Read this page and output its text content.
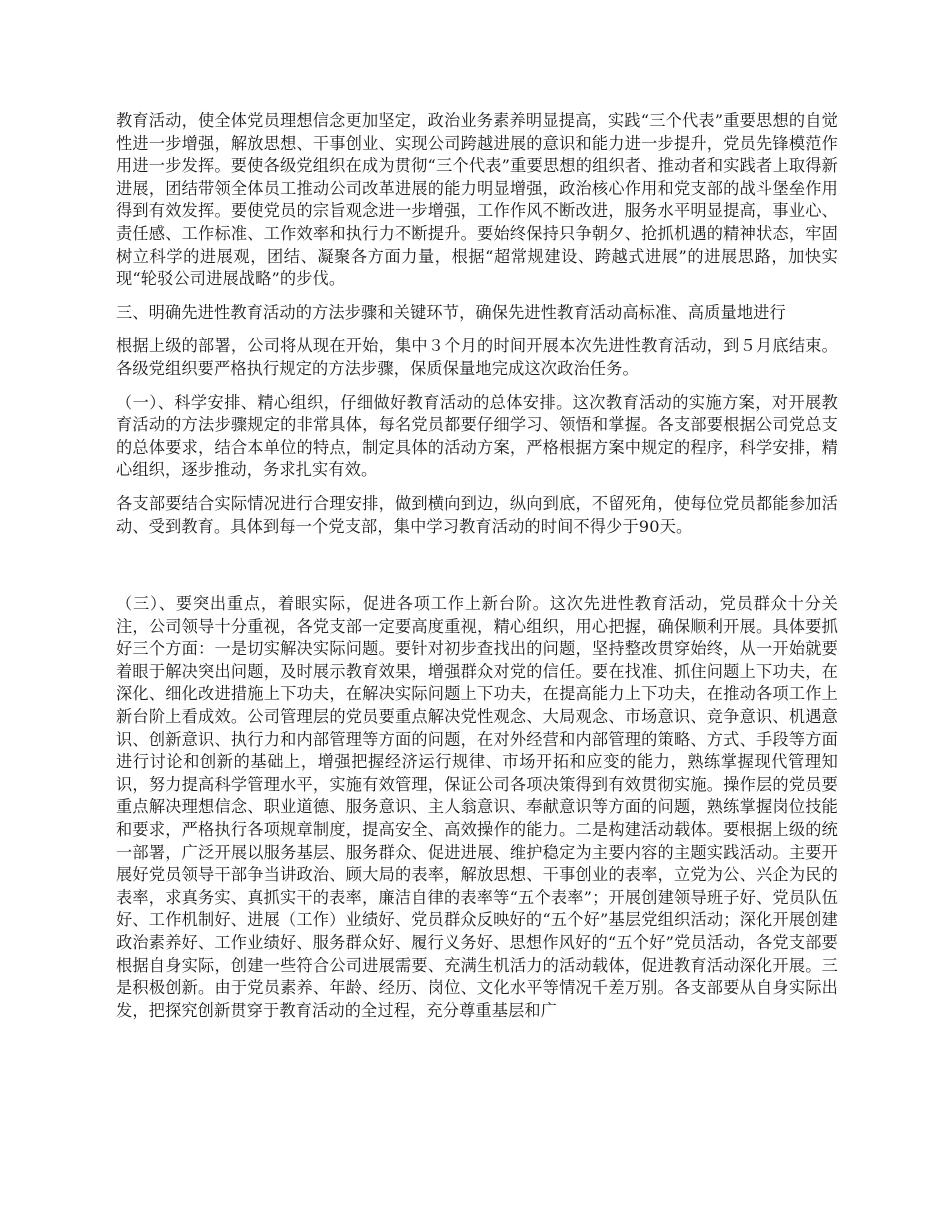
教育活动，使全体党员理想信念更加坚定，政治业务素养明显提高，实践“三个代表”重要思想的自觉性进一步增强，解放思想、干事创业、实现公司跨越进展的意识和能力进一步提升，党员先锋模范作用进一步发挥。要使各级党组织在成为贯彻“三个代表”重要思想的组织者、推动者和实践者上取得新进展，团结带领全体员工推动公司改革进展的能力明显增强，政治核心作用和党支部的战斗堡垒作用得到有效发挥。要使党员的宗旨观念进一步增强，工作作风不断改进，服务水平明显提高，事业心、责任感、工作标准、工作效率和执行力不断提升。要始终保持只争朝夕、抢抓机遇的精神状态，牢固树立科学的进展观，团结、凝聚各方面力量，根据“超常规建设、跨越式进展”的进展思路，加快实现“轮驳公司进展战略”的步伐。

三、明确先进性教育活动的方法步骤和关键环节，确保先进性教育活动高标准、高质量地进行

根据上级的部署，公司将从现在开始，集中３个月的时间开展本次先进性教育活动，到５月底结束。各级党组织要严格执行规定的方法步骤，保质保量地完成这次政治任务。

（一）、科学安排、精心组织，仔细做好教育活动的总体安排。这次教育活动的实施方案，对开展教育活动的方法步骤规定的非常具体，每名党员都要仔细学习、领悟和掌握。各支部要根据公司党总支的总体要求，结合本单位的特点，制定具体的活动方案，严格根据方案中规定的程序，科学安排，精心组织，逐步推动，务求扎实有效。

各支部要结合实际情况进行合理安排，做到横向到边，纵向到底，不留死角，使每位党员都能参加活动、受到教育。具体到每一个党支部，集中学习教育活动的时间不得少于90天。

（三）、要突出重点，着眼实际，促进各项工作上新台阶。这次先进性教育活动，党员群众十分关注，公司领导十分重视，各党支部一定要高度重视，精心组织，用心把握，确保顺利开展。具体要抓好三个方面：一是切实解决实际问题。要针对初步查找出的问题，坚持整改贯穿始终，从一开始就要着眼于解决突出问题，及时展示教育效果，增强群众对党的信任。要在找准、抓住问题上下功夫，在深化、细化改进措施上下功夫，在解决实际问题上下功夫，在提高能力上下功夫，在推动各项工作上新台阶上看成效。公司管理层的党员要重点解决党性观念、大局观念、市场意识、竞争意识、机遇意识、创新意识、执行力和内部管理等方面的问题，在对外经营和内部管理的策略、方式、手段等方面进行讨论和创新的基础上，增强把握经济运行规律、市场开拓和应变的能力，熟练掌握现代管理知识，努力提高科学管理水平，实施有效管理，保证公司各项决策得到有效贯彻实施。操作层的党员要重点解决理想信念、职业道德、服务意识、主人翁意识、奉献意识等方面的问题，熟练掌握岗位技能和要求，严格执行各项规章制度，提高安全、高效操作的能力。二是构建活动载体。要根据上级的统一部署，广泛开展以服务基层、服务群众、促进进展、维护稳定为主要内容的主题实践活动。主要开展好党员领导干部争当讲政治、顾大局的表率，解放思想、干事创业的表率，立党为公、兴企为民的表率，求真务实、真抓实干的表率，廉洁自律的表率等“五个表率”；开展创建领导班子好、党员队伍好、工作机制好、进展（工作）业绩好、党员群众反映好的“五个好”基层党组织活动；深化开展创建政治素养好、工作业绩好、服务群众好、履行义务好、思想作风好的“五个好”党员活动，各党支部要根据自身实际，创建一些符合公司进展需要、充满生机活力的活动载体，促进教育活动深化开展。三是积极创新。由于党员素养、年龄、经历、岗位、文化水平等情况千差万别。各支部要从自身实际出发，把探究创新贯穿于教育活动的全过程，充分尊重基层和广
